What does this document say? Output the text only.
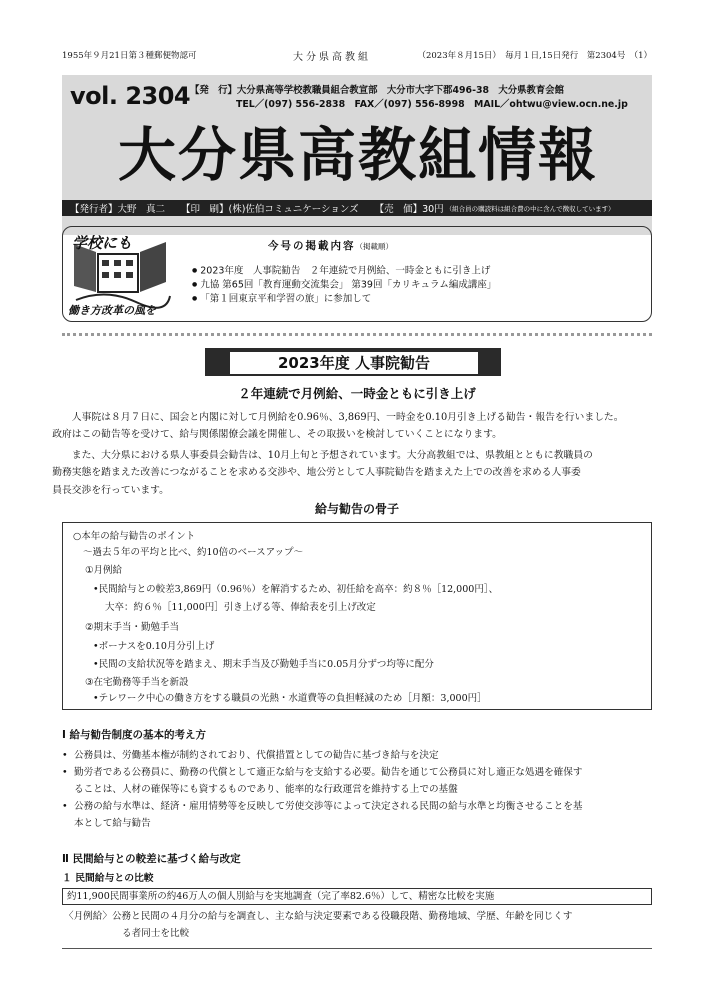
1955年９月21日第３種郵便物認可	大分県高教組	（2023年８月15日）　毎月１日,15日発行　第2304号　（1）
vol. 2304 【発　行】大分県高等学校教職員組合教宣部　大分市大字下郡496-38　大分県教育会館
TEL／(097) 556-2838　FAX／(097) 556-8998　MAIL／ohtwu@view.ocn.ne.jp
大分県高教組情報
【発行者】大野　真二 【印　刷】(株)佐伯コミュニケーションズ 【売　価】30円 （組合員の購読料は組合費の中に含んで徴収しています）
学校にも
働き方改革の風を
今号の掲載内容（掲載順）
● 2023年度　人事院勧告　２年連続で月例給、一時金ともに引き上げ
● 九協 第65回「教育運動交流集会」 第39回「カリキュラム編成講座」
● 「第１回東京平和学習の旅」に参加して
2023年度 人事院勧告
２年連続で月例給、一時金ともに引き上げ

人事院は８月７日に、国会と内閣に対して月例給を0.96％、3,869円、一時金を0.10月引き上げる勧告・報告を行いました。
政府はこの勧告等を受けて、給与関係閣僚会議を開催し、その取扱いを検討していくことになります。

また、大分県における県人事委員会勧告は、10月上旬と予想されています。大分高教組では、県教組とともに教職員の
勤務実態を踏まえた改善につながることを求める交渉や、地公労として人事院勧告を踏まえた上での改善を求める人事委
員長交渉を行っています。

給与勧告の骨子
○本年の給与勧告のポイント
～過去５年の平均と比べ、約10倍のベースアップ～
①月例給
•民間給与との較差3,869円（0.96％）を解消するため、初任給を高卒：約８％［12,000円］、
大卒：約６％［11,000円］引き上げる等、俸給表を引上げ改定
②期末手当・勤勉手当
•ボーナスを0.10月分引上げ
•民間の支給状況等を踏まえ、期末手当及び勤勉手当に0.05月分ずつ均等に配分
③在宅勤務等手当を新設
•テレワーク中心の働き方をする職員の光熱・水道費等の負担軽減のため［月額：3,000円］
Ⅰ 給与勧告制度の基本的考え方
• 公務員は、労働基本権が制約されており、代償措置としての勧告に基づき給与を決定
• 勤労者である公務員に、勤務の代償として適正な給与を支給する必要。勧告を通じて公務員に対し適正な処遇を確保す
ることは、人材の確保等にも資するものであり、能率的な行政運営を維持する上での基盤
• 公務の給与水準は、経済・雇用情勢等を反映して労使交渉等によって決定される民間の給与水準と均衡させることを基
本として給与勧告
Ⅱ 民間給与との較差に基づく給与改定
１ 民間給与との比較
約11,900民間事業所の約46万人の個人別給与を実地調査（完了率82.6％）して、精密な比較を実施
〈月例給〉公務と民間の４月分の給与を調査し、主な給与決定要素である役職段階、勤務地域、学歴、年齢を同じくす
る者同士を比較
